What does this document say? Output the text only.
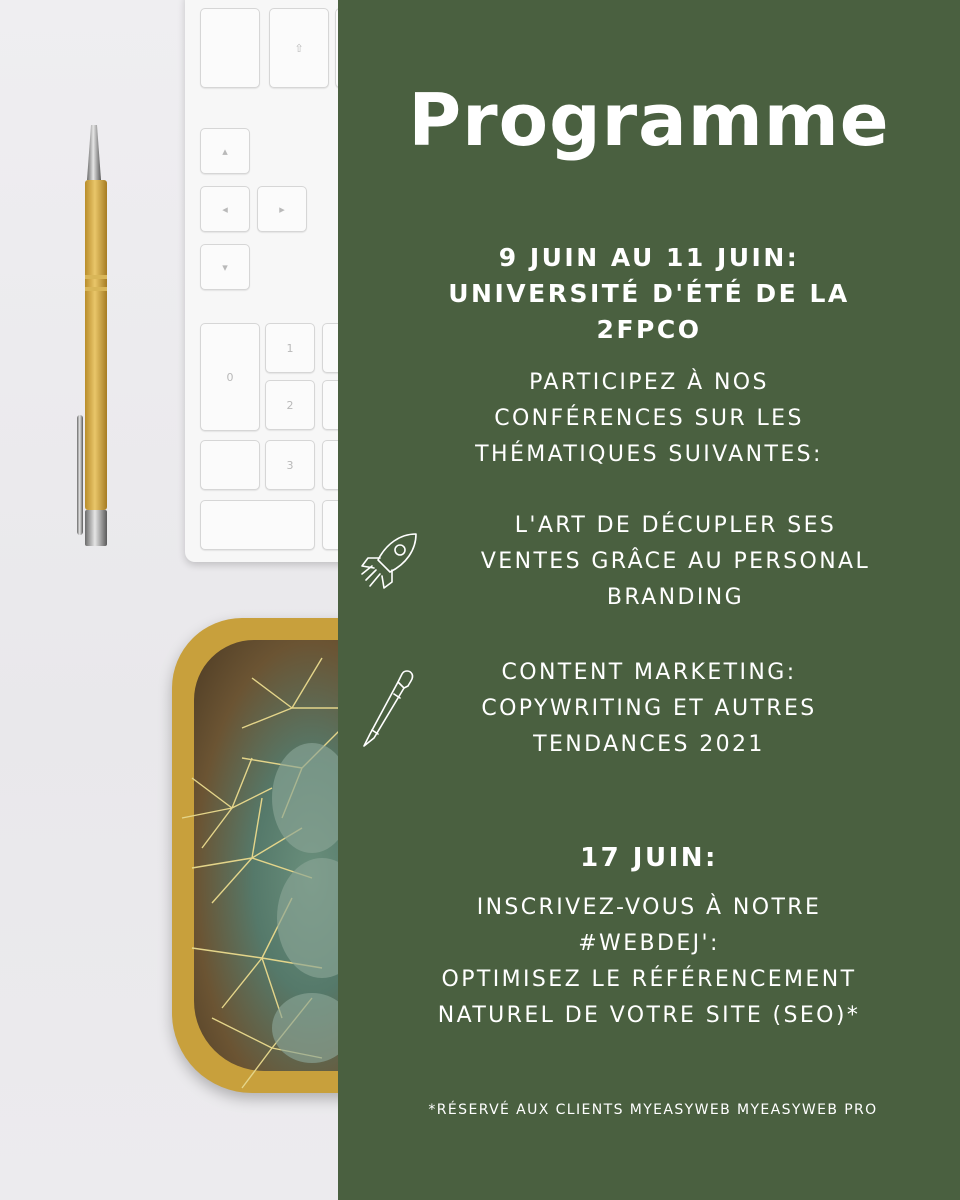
⇧
▴
◂	▸
▾
1
0
2
3
Programme
9 JUIN AU 11 JUIN:
UNIVERSITÉ D'ÉTÉ DE LA
2FPCO
PARTICIPEZ À NOS
CONFÉRENCES SUR LES
THÉMATIQUES SUIVANTES:
L'ART DE DÉCUPLER SES
VENTES GRÂCE AU PERSONAL
BRANDING
CONTENT MARKETING:
COPYWRITING ET AUTRES
TENDANCES 2021
17 JUIN:
INSCRIVEZ-VOUS À NOTRE
#WEBDEJ':
OPTIMISEZ LE RÉFÉRENCEMENT
NATUREL DE VOTRE SITE (SEO)*
*RÉSERVÉ AUX CLIENTS MYEASYWEB MYEASYWEB PRO
